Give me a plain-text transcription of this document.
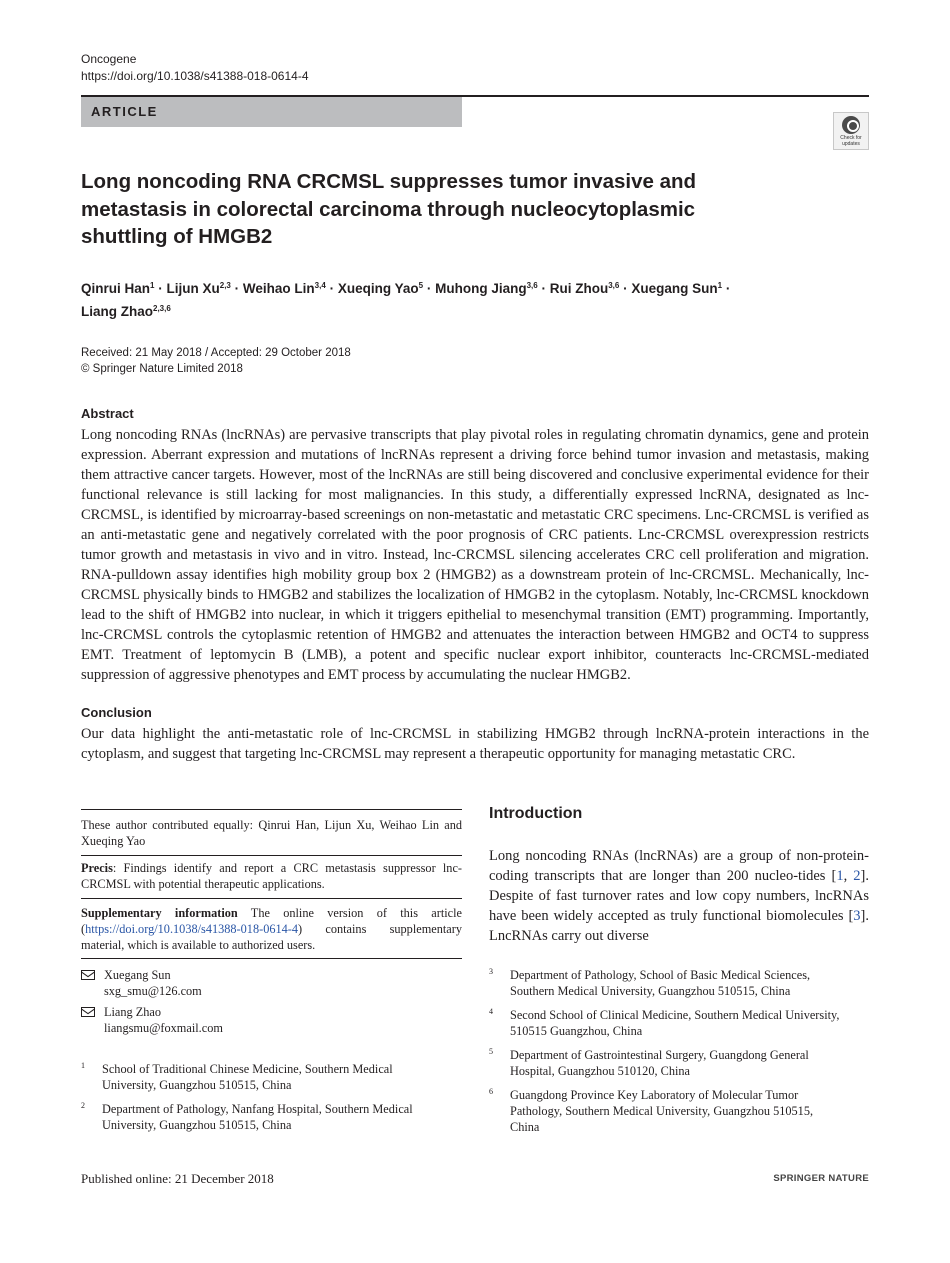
Oncogene
https://doi.org/10.1038/s41388-018-0614-4
ARTICLE
Check for
updates
Long noncoding RNA CRCMSL suppresses tumor invasive and metastasis in colorectal carcinoma through nucleocytoplasmic shuttling of HMGB2
Qinrui Han$^1$ · Lijun Xu$^{2,3}$ · Weihao Lin$^{3,4}$ · Xueqing Yao$^5$ · Muhong Jiang$^{3,6}$ · Rui Zhou$^{3,6}$ · Xuegang Sun$^1$ ·
Liang Zhao$^{2,3,6}$
Received: 21 May 2018 / Accepted: 29 October 2018
© Springer Nature Limited 2018
Abstract

Long noncoding RNAs (lncRNAs) are pervasive transcripts that play pivotal roles in regulating chromatin dynamics, gene and protein expression. Aberrant expression and mutations of lncRNAs represent a driving force behind tumor invasion and metastasis, making them attractive cancer targets. However, most of the lncRNAs are still being discovered and conclusive experimental evidence for their functional relevance is still lacking for most malignancies. In this study, a differentially expressed lncRNA, designated as lnc-CRCMSL, is identified by microarray-based screenings on non-metastatic and metastatic CRC specimens. Lnc-CRCMSL is verified as an anti-metastatic gene and negatively correlated with the poor prognosis of CRC patients. Lnc-CRCMSL overexpression restricts tumor growth and metastasis in vivo and in vitro. Instead, lnc-CRCMSL silencing accelerates CRC cell proliferation and migration. RNA-pulldown assay identifies high mobility group box 2 (HMGB2) as a downstream protein of lnc-CRCMSL. Mechanically, lnc-CRCMSL physically binds to HMGB2 and stabilizes the localization of HMGB2 in the cytoplasm. Notably, lnc-CRCMSL knockdown lead to the shift of HMGB2 into nuclear, in which it triggers epithelial to mesenchymal transition (EMT) programming. Importantly, lnc-CRCMSL controls the cytoplasmic retention of HMGB2 and attenuates the interaction between HMGB2 and OCT4 to suppress EMT. Treatment of leptomycin B (LMB), a potent and specific nuclear export inhibitor, counteracts lnc-CRCMSL-mediated suppression of aggressive phenotypes and EMT process by accumulating the nuclear HMGB2.

Conclusion

Our data highlight the anti-metastatic role of lnc-CRCMSL in stabilizing HMGB2 through lncRNA-protein interactions in the cytoplasm, and suggest that targeting lnc-CRCMSL may represent a therapeutic opportunity for managing metastatic CRC.

These author contributed equally: Qinrui Han, Lijun Xu, Weihao Lin and Xueqing Yao
Precis: Findings identify and report a CRC metastasis suppressor lnc-CRCMSL with potential therapeutic applications.
Supplementary information The online version of this article (https://doi.org/10.1038/s41388-018-0614-4) contains supplementary material, which is available to authorized users.
Xuegang Sun
sxg_smu@126.com
Liang Zhao
liangsmu@foxmail.com
1 School of Traditional Chinese Medicine, Southern Medical
University, Guangzhou 510515, China
2 Department of Pathology, Nanfang Hospital, Southern Medical
University, Guangzhou 510515, China
Introduction

Long noncoding RNAs (lncRNAs) are a group of non-protein-coding transcripts that are longer than 200 nucleo-tides [1, 2]. Despite of fast turnover rates and low copy numbers, lncRNAs have been widely accepted as truly functional biomolecules [3]. LncRNAs carry out diverse

3 Department of Pathology, School of Basic Medical Sciences,
Southern Medical University, Guangzhou 510515, China
4 Second School of Clinical Medicine, Southern Medical University,
510515 Guangzhou, China
5 Department of Gastrointestinal Surgery, Guangdong General
Hospital, Guangzhou 510120, China
6 Guangdong Province Key Laboratory of Molecular Tumor
Pathology, Southern Medical University, Guangzhou 510515,
China
Published online: 21 December 2018	SPRINGER NATURE
